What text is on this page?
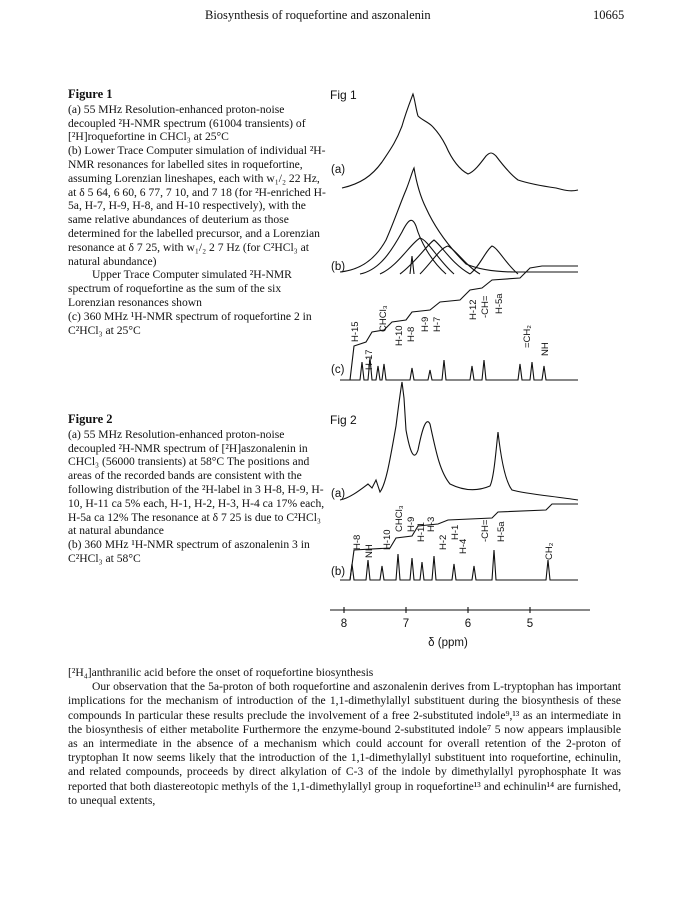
Biosynthesis of roquefortine and aszonalenin	10665

Figure 1

(a) 55 MHz Resolution-enhanced proton-noise decoupled ²H-NMR spectrum (61004 transients) of [²H]roquefortine in CHCl₃ at 25°C

(b) Lower Trace Computer simulation of individual ²H-NMR resonances for labelled sites in roquefortine, assuming Lorenzian lineshapes, each with w₁/₂ 22 Hz, at δ 5 64, 6 60, 6 77, 7 10, and 7 18 (for ²H-enriched H-5a, H-7, H-9, H-8, and H-10 respectively), with the same relative abundances of deuterium as those determined for the labelled precursor, and a Lorenzian resonance at δ 7 25, with w₁/₂ 2 7 Hz (for C²HCl₃ at natural abundance)

Upper Trace Computer simulated ²H-NMR spectrum of roquefortine as the sum of the six Lorenzian resonances shown

(c) 360 MHz ¹H-NMR spectrum of roquefortine 2 in C²HCl₃ at 25°C

Figure 2

(a) 55 MHz Resolution-enhanced proton-noise decoupled ²H-NMR spectrum of [²H]aszonalenin in CHCl₃ (56000 transients) at 58°C The positions and areas of the recorded bands are consistent with the following distribution of the ²H-label in 3 H-8, H-9, H-10, H-11 ca 5% each, H-1, H-2, H-3, H-4 ca 17% each, H-5a ca 12% The resonance at δ 7 25 is due to C²HCl₃ at natural abundance

(b) 360 MHz ¹H-NMR spectrum of aszonalenin 3 in C²HCl₃ at 58°C

Fig 1
Fig 2
(a)
(b)
(c)
(a)
(b)
H-15
H-17
CHCl₃
H-10 H-8
H-9 H-7
H-12 -CH= H-5a
=CH₂
NH
H-8
NH
H-10
CHCl₃ H-9 H-11 H-3
H-2
H-1
H-4
-CH= H-5a
CH₂
8	7	6	5
δ (ppm)

[²H₄]anthranilic acid before the onset of roquefortine biosynthesis

Our observation that the 5a-proton of both roquefortine and aszonalenin derives from L-tryptophan has important implications for the mechanism of introduction of the 1,1-dimethylallyl substituent during the biosynthesis of these compounds In particular these results preclude the involvement of a free 2-substituted indole⁹,¹³ as an intermediate in the biosynthesis of either metabolite Furthermore the enzyme-bound 2-substituted indole⁷ 5 now appears implausible as an intermediate in the absence of a mechanism which could account for overall retention of the 2-proton of tryptophan It now seems likely that the introduction of the 1,1-dimethylallyl substituent into roquefortine, echinulin, and related compounds, proceeds by direct alkylation of C-3 of the indole by dimethylallyl pyrophosphate It was reported that both diastereotopic methyls of the 1,1-dimethylallyl group in roquefortine¹³ and echinulin¹⁴ are furnished, to unequal extents,
